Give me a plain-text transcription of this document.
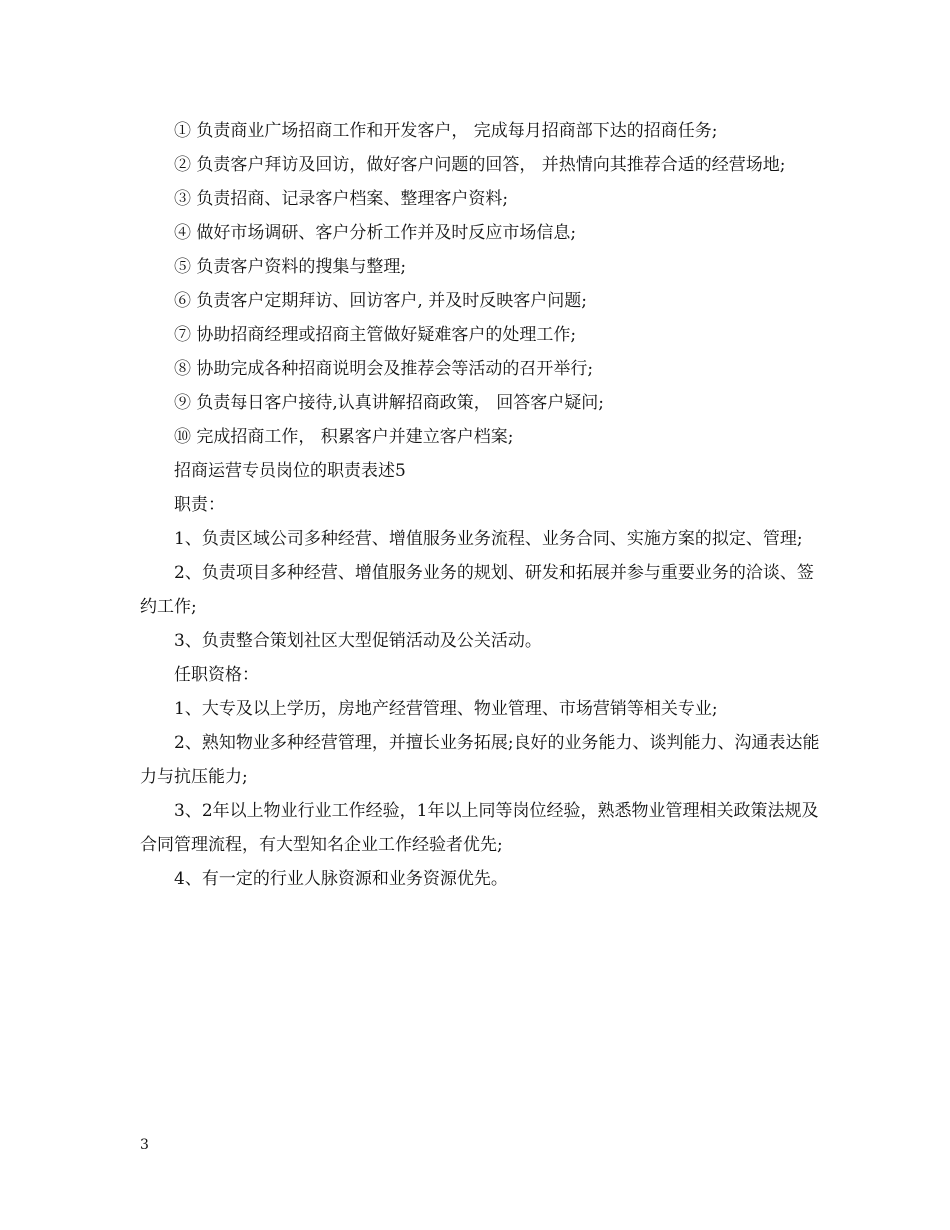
① 负责商业广场招商工作和开发客户， 完成每月招商部下达的招商任务;

② 负责客户拜访及回访，做好客户问题的回答， 并热情向其推荐合适的经营场地;

③ 负责招商、记录客户档案、整理客户资料;

④ 做好市场调研、客户分析工作并及时反应市场信息;

⑤ 负责客户资料的搜集与整理;

⑥ 负责客户定期拜访、回访客户, 并及时反映客户问题;

⑦ 协助招商经理或招商主管做好疑难客户的处理工作;

⑧ 协助完成各种招商说明会及推荐会等活动的召开举行;

⑨ 负责每日客户接待,认真讲解招商政策， 回答客户疑问;

⑩ 完成招商工作， 积累客户并建立客户档案;

招商运营专员岗位的职责表述5

职责：

1、负责区域公司多种经营、增值服务业务流程、业务合同、实施方案的拟定、管理;

2、负责项目多种经营、增值服务业务的规划、研发和拓展并参与重要业务的洽谈、签约工作;

3、负责整合策划社区大型促销活动及公关活动。

任职资格：

1、大专及以上学历，房地产经营管理、物业管理、市场营销等相关专业;

2、熟知物业多种经营管理，并擅长业务拓展;良好的业务能力、谈判能力、沟通表达能力与抗压能力;

3、2年以上物业行业工作经验，1年以上同等岗位经验，熟悉物业管理相关政策法规及合同管理流程，有大型知名企业工作经验者优先;

4、有一定的行业人脉资源和业务资源优先。

3
